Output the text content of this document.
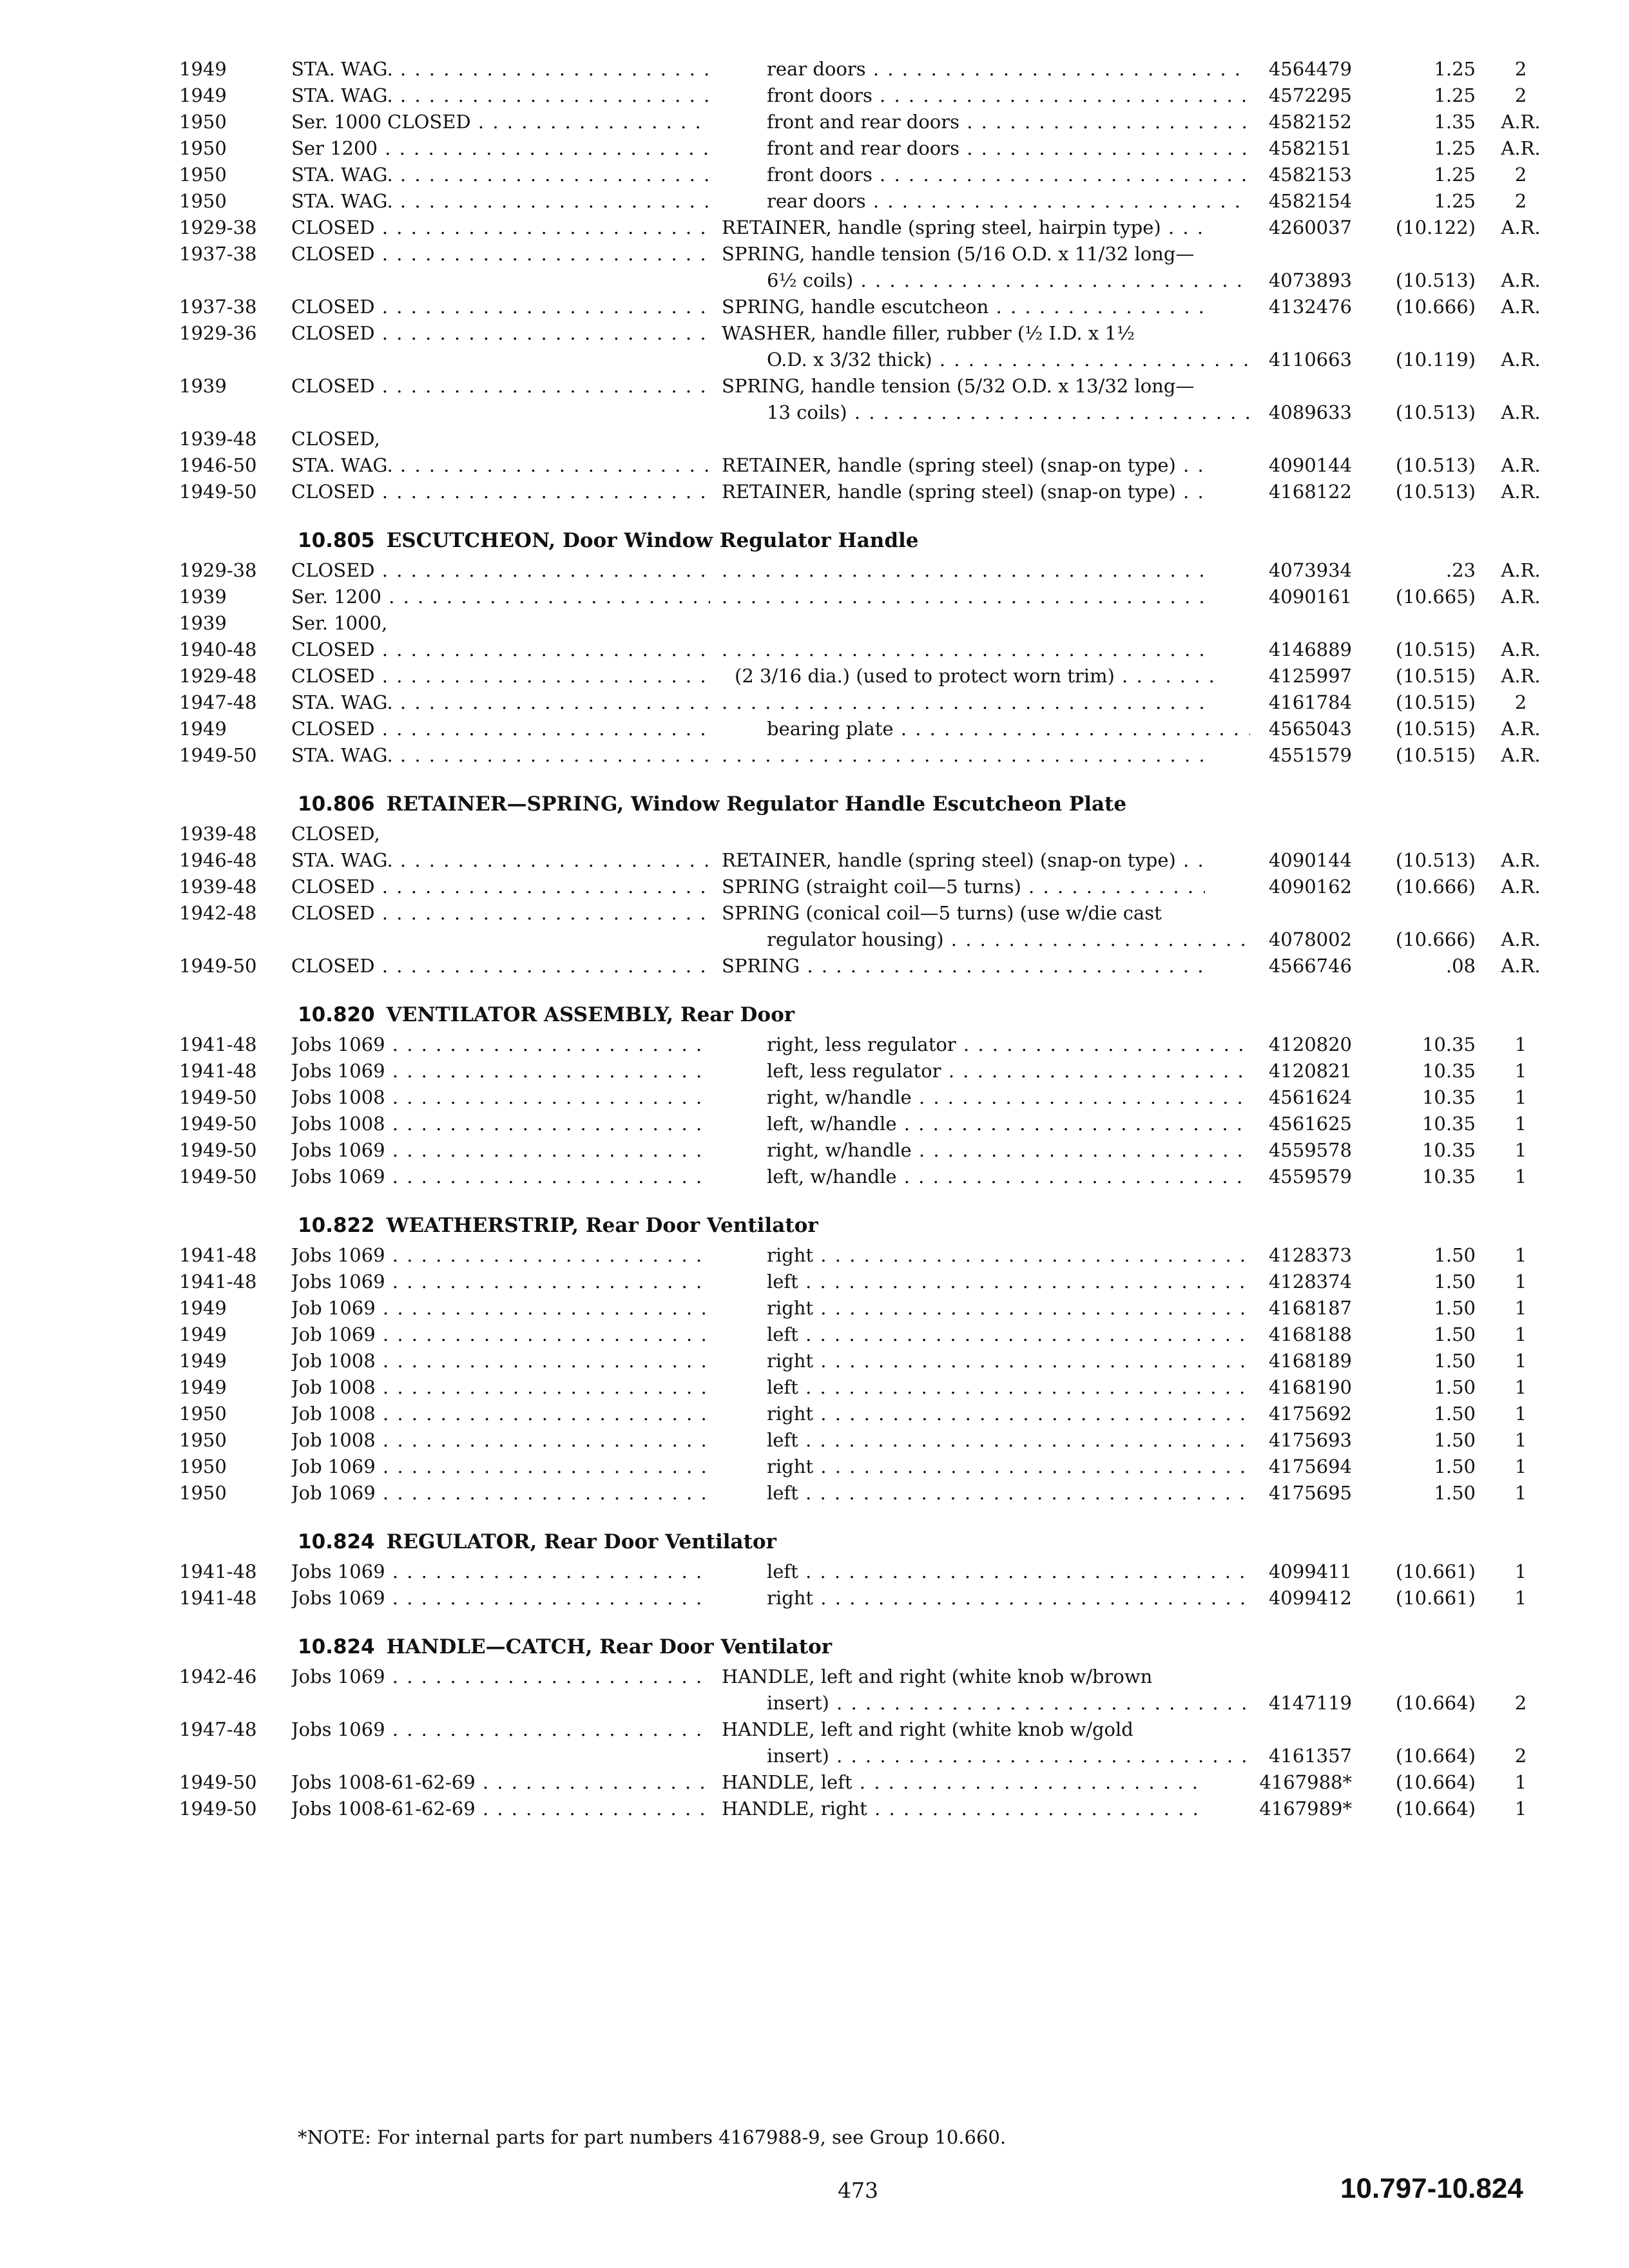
1949	STA. WAG. . . .	rear doors . . .	4564479	1.25	2
1949	STA. WAG. . . .	front doors . . .	4572295	1.25	2
1950	Ser. 1000 CLOSED . . .	front and rear doors . . .	4582152	1.35	A.R.
1950	Ser 1200 . . .	front and rear doors . . .	4582151	1.25	A.R.
1950	STA. WAG. . . .	front doors . . .	4582153	1.25	2
1950	STA. WAG. . . .	rear doors . . .	4582154	1.25	2
1929-38	CLOSED . . .	RETAINER, handle (spring steel, hairpin type) . . .	4260037	(10.122)	A.R.
1937-38	CLOSED . . .	SPRING, handle tension (5/16 O.D. x 11/32 long—
6½ coils) . . .	4073893	(10.513)	A.R.
1937-38	CLOSED . . .	SPRING, handle escutcheon . . .	4132476	(10.666)	A.R.
1929-36	CLOSED . . .	WASHER, handle filler, rubber (½ I.D. x 1½
O.D. x 3/32 thick) . . .	4110663	(10.119)	A.R.
1939	CLOSED . . .	SPRING, handle tension (5/32 O.D. x 13/32 long—
13 coils) . . .	4089633	(10.513)	A.R.
1939-48	CLOSED,
1946-50	STA. WAG. . . .	RETAINER, handle (spring steel) (snap-on type) . . .	4090144	(10.513)	A.R.
1949-50	CLOSED . . .	RETAINER, handle (spring steel) (snap-on type) . . .	4168122	(10.513)	A.R.
10.805 ESCUTCHEON, Door Window Regulator Handle
1929-38	CLOSED . . . . . .	4073934	.23	A.R.
1939	Ser. 1200 . . . . . .	4090161	(10.665)	A.R.
1939	Ser. 1000,
1940-48	CLOSED . . . . . .	4146889	(10.515)	A.R.
1929-48	CLOSED . . .	(2 3/16 dia.) (used to protect worn trim) . . .	4125997	(10.515)	A.R.
1947-48	STA. WAG. . . . . . .	4161784	(10.515)	2
1949	CLOSED . . .	bearing plate . . .	4565043	(10.515)	A.R.
1949-50	STA. WAG. . . . . . .	4551579	(10.515)	A.R.
10.806 RETAINER—SPRING, Window Regulator Handle Escutcheon Plate
1939-48	CLOSED,
1946-48	STA. WAG. . . .	RETAINER, handle (spring steel) (snap-on type) . . .	4090144	(10.513)	A.R.
1939-48	CLOSED . . .	SPRING (straight coil—5 turns) . . .	4090162	(10.666)	A.R.
1942-48	CLOSED . . .	SPRING (conical coil—5 turns) (use w/die cast
regulator housing) . . .	4078002	(10.666)	A.R.
1949-50	CLOSED . . .	SPRING . . .	4566746	.08	A.R.
10.820 VENTILATOR ASSEMBLY, Rear Door
1941-48	Jobs 1069 . . .	right, less regulator . . .	4120820	10.35	1
1941-48	Jobs 1069 . . .	left, less regulator . . .	4120821	10.35	1
1949-50	Jobs 1008 . . .	right, w/handle . . .	4561624	10.35	1
1949-50	Jobs 1008 . . .	left, w/handle . . .	4561625	10.35	1
1949-50	Jobs 1069 . . .	right, w/handle . . .	4559578	10.35	1
1949-50	Jobs 1069 . . .	left, w/handle . . .	4559579	10.35	1
10.822 WEATHERSTRIP, Rear Door Ventilator
1941-48	Jobs 1069 . . .	right . . .	4128373	1.50	1
1941-48	Jobs 1069 . . .	left . . .	4128374	1.50	1
1949	Job 1069 . . .	right . . .	4168187	1.50	1
1949	Job 1069 . . .	left . . .	4168188	1.50	1
1949	Job 1008 . . .	right . . .	4168189	1.50	1
1949	Job 1008 . . .	left . . .	4168190	1.50	1
1950	Job 1008 . . .	right . . .	4175692	1.50	1
1950	Job 1008 . . .	left . . .	4175693	1.50	1
1950	Job 1069 . . .	right . . .	4175694	1.50	1
1950	Job 1069 . . .	left . . .	4175695	1.50	1
10.824 REGULATOR, Rear Door Ventilator
1941-48	Jobs 1069 . . .	left . . .	4099411	(10.661)	1
1941-48	Jobs 1069 . . .	right . . .	4099412	(10.661)	1
10.824 HANDLE—CATCH, Rear Door Ventilator
1942-46	Jobs 1069 . . .	HANDLE, left and right (white knob w/brown
insert) . . .	4147119	(10.664)	2
1947-48	Jobs 1069 . . .	HANDLE, left and right (white knob w/gold
insert) . . .	4161357	(10.664)	2
1949-50	Jobs 1008-61-62-69 . . .	HANDLE, left . . .	4167988*	(10.664)	1
1949-50	Jobs 1008-61-62-69 . . .	HANDLE, right . . .	4167989*	(10.664)	1
*NOTE: For internal parts for part numbers 4167988-9, see Group 10.660.
473	10.797-10.824
